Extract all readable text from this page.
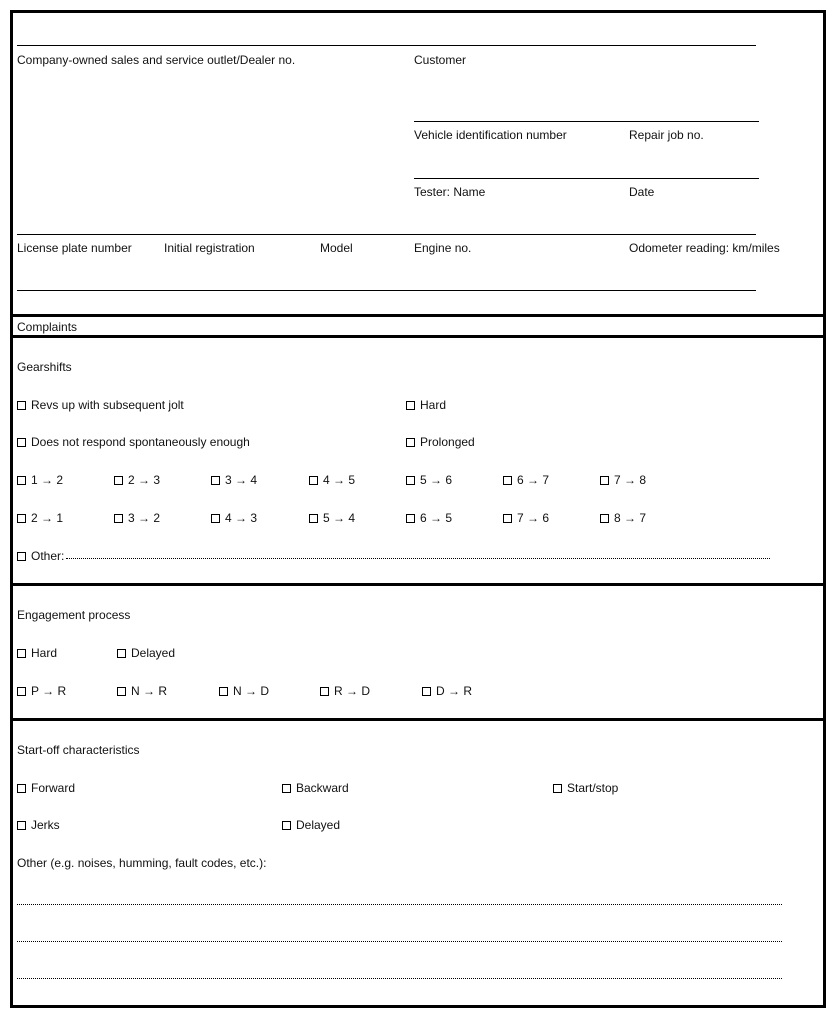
Company-owned sales and service outlet/Dealer no.	Customer
Vehicle identification number	Repair job no.
Tester: Name	Date
License plate number	Initial registration	Model	Engine no.	Odometer reading: km/miles
Complaints
Gearshifts
Revs up with subsequent jolt	Hard
Does not respond spontaneously enough	Prolonged
1 → 2	2 → 3	3 → 4	4 → 5	5 → 6	6 → 7	7 → 8
2 → 1	3 → 2	4 → 3	5 → 4	6 → 5	7 → 6	8 → 7
Other:
Engagement process
Hard	Delayed
P → R	N → R	N → D	R → D	D → R
Start-off characteristics
Forward	Backward	Start/stop
Jerks	Delayed
Other (e.g. noises, humming, fault codes, etc.):
